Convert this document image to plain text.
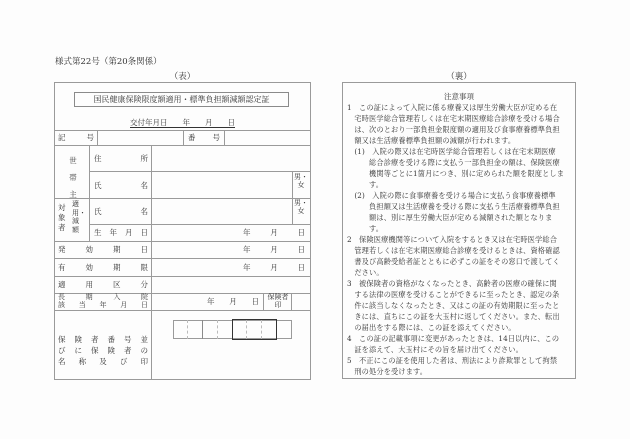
様式第22号（第20条関係）
（表）	（裏）
国民健康保険限度額適用・標準負担額減額認定証
交付年月日　　年　　月　　日
記	号	番 号
世帯主
住所
氏名
男・女
対象者
適用・減額
氏名
男・女
生年月日	年	月	日
発効期日	年	月	日
有効期限	年	月	日
適用区分
長期入院
該当年月日	年 月 日 保険者印
保険者番号並
びに保険者の
名称及び印
注意事項
1　この証によって入院に係る療養又は厚生労働大臣が定める在
　宅時医学総合管理若しくは在宅末期医療総合診療を受ける場合
　は、次のとおり一部負担金限度額の適用及び食事療養標準負担
　額又は生活療養標準負担額の減額が行われます。
　(1)　入院の際又は在宅時医学総合管理若しくは在宅末期医療
　　　総合診療を受ける際に支払う一部負担金の額は、保険医療
　　　機関等ごとに1箇月につき、別に定められた額を限度としま
　　　す。
　(2)　入院の際に食事療養を受ける場合に支払う食事療養標準
　　　負担額又は生活療養を受ける際に支払う生活療養標準負担
　　　額は、別に厚生労働大臣が定める減額された額となりま
　　　す。
2　保険医療機関等について入院をするとき又は在宅時医学総合
　管理若しくは在宅末期医療総合診療を受けるときは、資格確認
　書及び高齢受給者証とともに必ずこの証をその窓口で渡してく
　ださい。
3　被保険者の資格がなくなったとき、高齢者の医療の確保に関
　する法律の医療を受けることができるに至ったとき、認定の条
　件に該当しなくなったとき、又はこの証の有効期限に至ったと
　きには、直ちにこの証を大玉村に返してください。また、転出
　の届出をする際には、この証を添えてください。
4　この証の記載事項に変更があったときは、14日以内に、この
　証を添えて、大玉村にその旨を届け出てください。
5　不正にこの証を使用した者は、刑法により詐欺罪として拘禁
　刑の処分を受けます。
